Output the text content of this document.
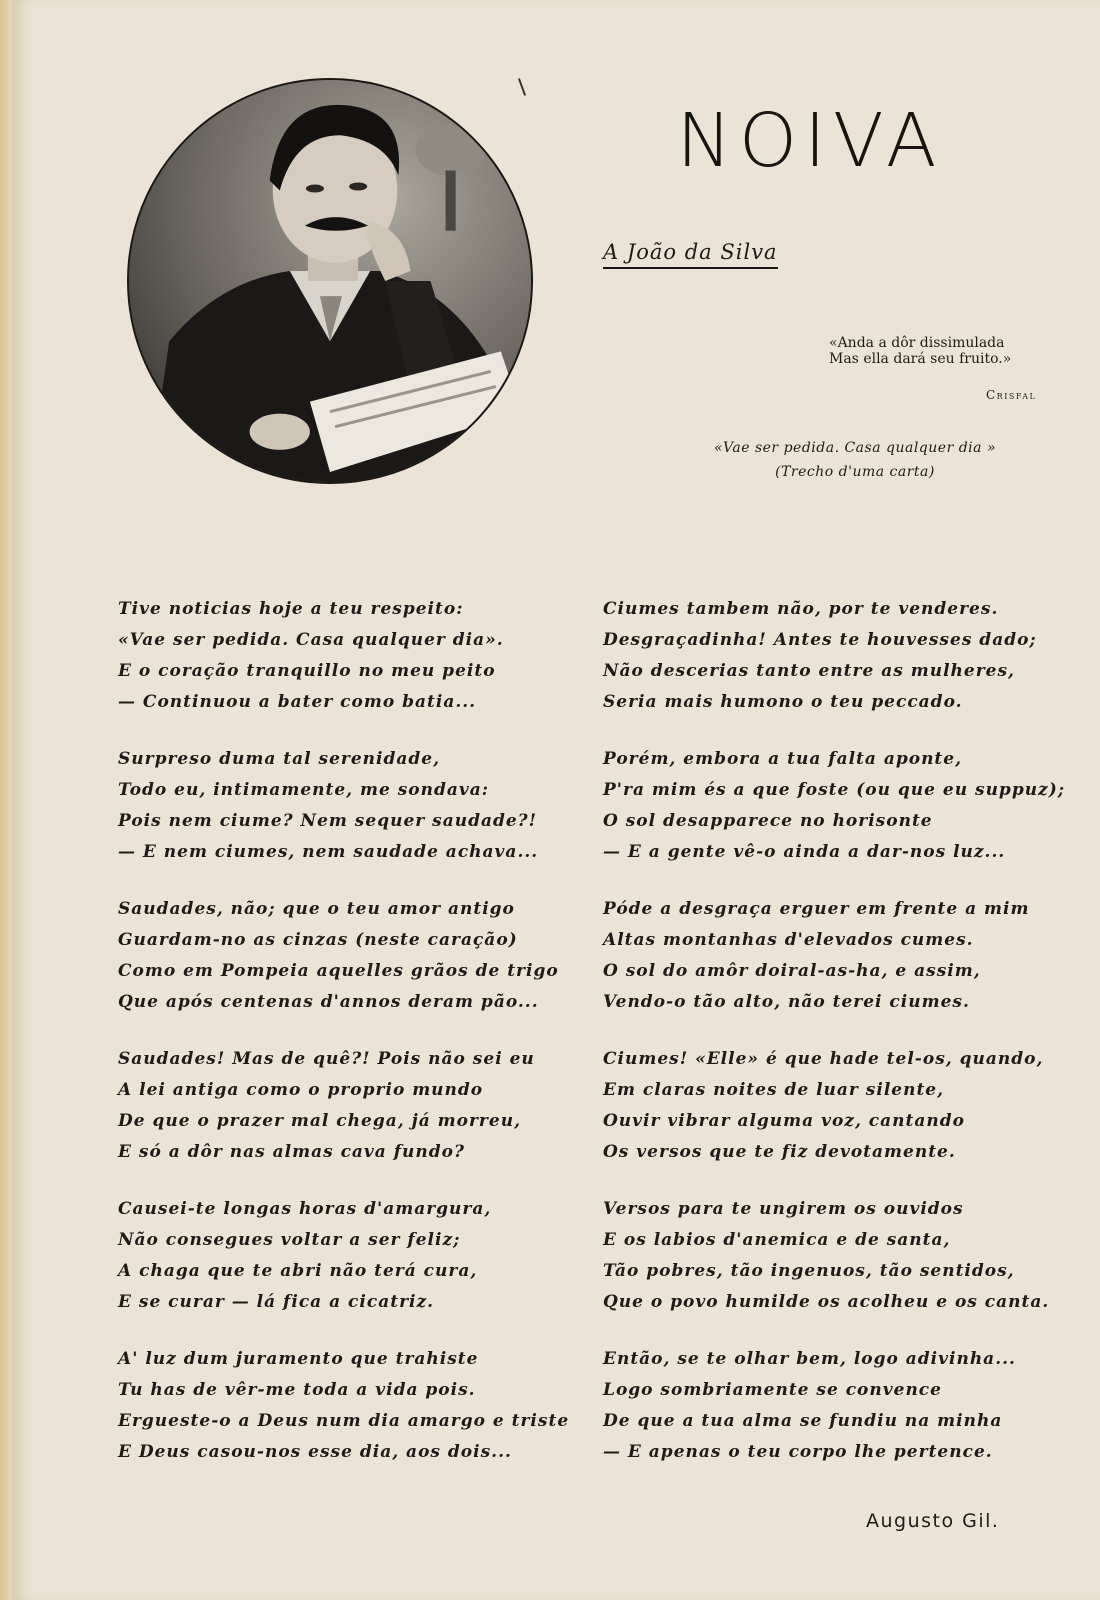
NOIVA
A João da Silva
«Anda a dôr dissimulada
Mas ella dará seu fruito.»
Crisfal
«Vae ser pedida. Casa qualquer dia »
(Trecho d'uma carta)
Tive noticias hoje a teu respeito:
«Vae ser pedida. Casa qualquer dia».
E o coração tranquillo no meu peito
— Continuou a bater como batia...
Surpreso duma tal serenidade,
Todo eu, intimamente, me sondava:
Pois nem ciume? Nem sequer saudade?!
— E nem ciumes, nem saudade achava...
Saudades, não; que o teu amor antigo
Guardam-no as cinzas (neste caração)
Como em Pompeia aquelles grãos de trigo
Que após centenas d'annos deram pão...
Saudades! Mas de quê?! Pois não sei eu
A lei antiga como o proprio mundo
De que o prazer mal chega, já morreu,
E só a dôr nas almas cava fundo?
Causei-te longas horas d'amargura,
Não consegues voltar a ser feliz;
A chaga que te abri não terá cura,
E se curar — lá fica a cicatriz.
A' luz dum juramento que trahiste
Tu has de vêr-me toda a vida pois.
Ergueste-o a Deus num dia amargo e triste
E Deus casou-nos esse dia, aos dois...
Ciumes tambem não, por te venderes.
Desgraçadinha! Antes te houvesses dado;
Não descerias tanto entre as mulheres,
Seria mais humono o teu peccado.
Porém, embora a tua falta aponte,
P'ra mim és a que foste (ou que eu suppuz);
O sol desapparece no horisonte
— E a gente vê-o ainda a dar-nos luz...
Póde a desgraça erguer em frente a mim
Altas montanhas d'elevados cumes.
O sol do amôr doiral-as-ha, e assim,
Vendo-o tão alto, não terei ciumes.
Ciumes! «Elle» é que hade tel-os, quando,
Em claras noites de luar silente,
Ouvir vibrar alguma voz, cantando
Os versos que te fiz devotamente.
Versos para te ungirem os ouvidos
E os labios d'anemica e de santa,
Tão pobres, tão ingenuos, tão sentidos,
Que o povo humilde os acolheu e os canta.
Então, se te olhar bem, logo adivinha...
Logo sombriamente se convence
De que a tua alma se fundiu na minha
— E apenas o teu corpo lhe pertence.
Augusto Gil.
